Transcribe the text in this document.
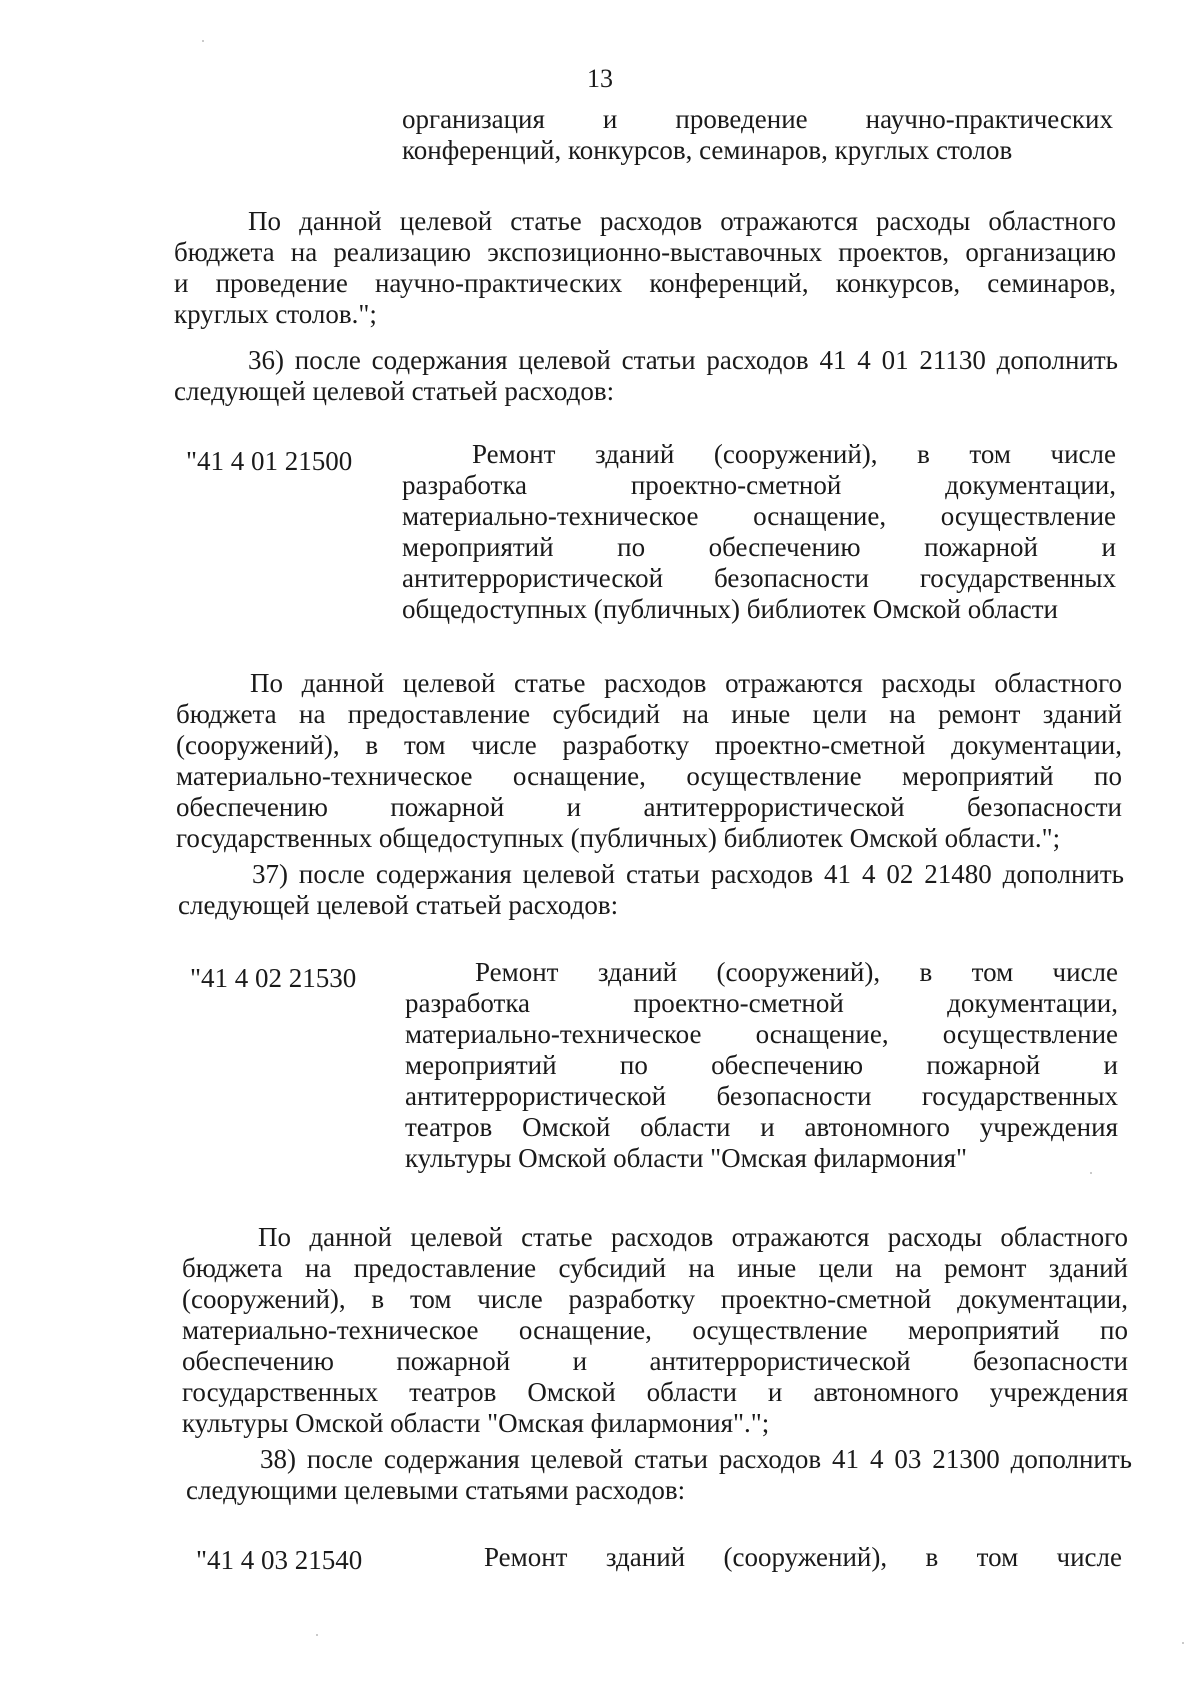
13
организация и проведение научно-практических
конференций, конкурсов, семинаров, круглых столов
По данной целевой статье расходов отражаются расходы областного
бюджета на реализацию экспозиционно-выставочных проектов, организацию
и проведение научно-практических конференций, конкурсов, семинаров,
круглых столов.";
36) после содержания целевой статьи расходов 41 4 01 21130 дополнить
следующей целевой статьей расходов:
"41 4 01 21500	Ремонт зданий (сооружений), в том числе
разработка проектно-сметной документации,
материально-техническое оснащение, осуществление
мероприятий по обеспечению пожарной и
антитеррористической безопасности государственных
общедоступных (публичных) библиотек Омской области
По данной целевой статье расходов отражаются расходы областного
бюджета на предоставление субсидий на иные цели на ремонт зданий
(сооружений), в том числе разработку проектно-сметной документации,
материально-техническое оснащение, осуществление мероприятий по
обеспечению пожарной и антитеррористической безопасности
государственных общедоступных (публичных) библиотек Омской области.";
37) после содержания целевой статьи расходов 41 4 02 21480 дополнить
следующей целевой статьей расходов:
"41 4 02 21530	Ремонт зданий (сооружений), в том числе
разработка проектно-сметной документации,
материально-техническое оснащение, осуществление
мероприятий по обеспечению пожарной и
антитеррористической безопасности государственных
театров Омской области и автономного учреждения
культуры Омской области "Омская филармония"
По данной целевой статье расходов отражаются расходы областного
бюджета на предоставление субсидий на иные цели на ремонт зданий
(сооружений), в том числе разработку проектно-сметной документации,
материально-техническое оснащение, осуществление мероприятий по
обеспечению пожарной и антитеррористической безопасности
государственных театров Омской области и автономного учреждения
культуры Омской области "Омская филармония".";
38) после содержания целевой статьи расходов 41 4 03 21300 дополнить
следующими целевыми статьями расходов:
"41 4 03 21540	Ремонт зданий (сооружений), в том числе
